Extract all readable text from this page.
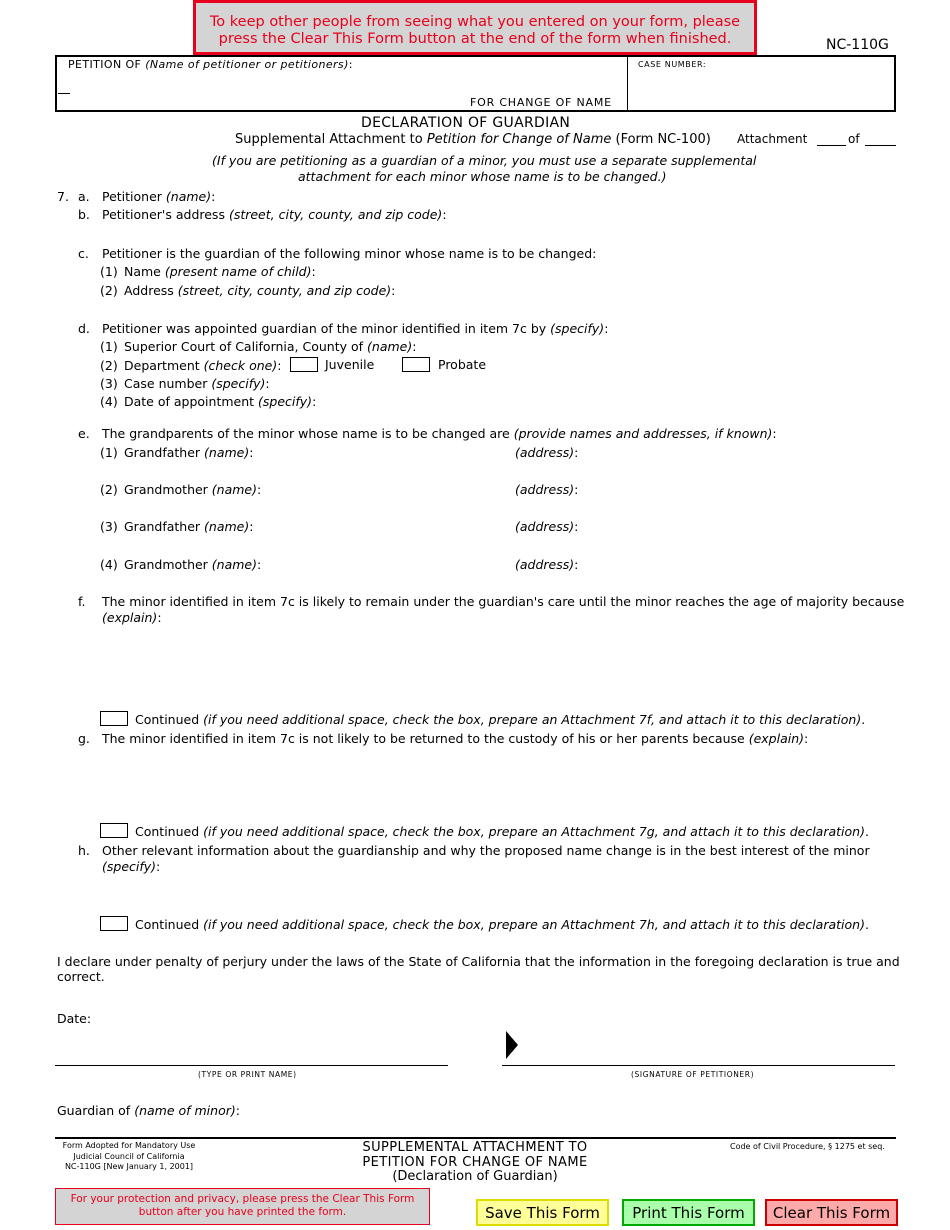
To keep other people from seeing what you entered on your form, please
press the Clear This Form button at the end of the form when finished.	NC-110G
PETITION OF (Name of petitioner or petitioners):
FOR CHANGE OF NAME
CASE NUMBER:
DECLARATION OF GUARDIAN
Supplemental Attachment to Petition for Change of Name (Form NC-100) Attachment	of
(If you are petitioning as a guardian of a minor, you must use a separate supplemental
attachment for each minor whose name is to be changed.)
7. a. Petitioner (name):
b. Petitioner's address (street, city, county, and zip code):
c. Petitioner is the guardian of the following minor whose name is to be changed:
(1) Name (present name of child):
(2) Address (street, city, county, and zip code):
d. Petitioner was appointed guardian of the minor identified in item 7c by (specify):
(1) Superior Court of California, County of (name):
(2) Department (check one):	Juvenile	Probate
(3) Case number (specify):
(4) Date of appointment (specify):
e. The grandparents of the minor whose name is to be changed are (provide names and addresses, if known):
(1) Grandfather (name):	(address):
(2) Grandmother (name):	(address):
(3) Grandfather (name):	(address):
(4) Grandmother (name):	(address):
f. The minor identified in item 7c is likely to remain under the guardian's care until the minor reaches the age of majority because
(explain):
Continued (if you need additional space, check the box, prepare an Attachment 7f, and attach it to this declaration).
g. The minor identified in item 7c is not likely to be returned to the custody of his or her parents because (explain):
Continued (if you need additional space, check the box, prepare an Attachment 7g, and attach it to this declaration).
h. Other relevant information about the guardianship and why the proposed name change is in the best interest of the minor
(specify):
Continued (if you need additional space, check the box, prepare an Attachment 7h, and attach it to this declaration).
I declare under penalty of perjury under the laws of the State of California that the information in the foregoing declaration is true and
correct.
Date:
(TYPE OR PRINT NAME)	(SIGNATURE OF PETITIONER)
Guardian of (name of minor):
Form Adopted for Mandatory Use
Judicial Council of California
NC-110G [New January 1, 2001]
SUPPLEMENTAL ATTACHMENT TO
PETITION FOR CHANGE OF NAME
(Declaration of Guardian)
Code of Civil Procedure, § 1275 et seq.
For your protection and privacy, please press the Clear This Form
button after you have printed the form.	Save This Form	Print This Form	Clear This Form
